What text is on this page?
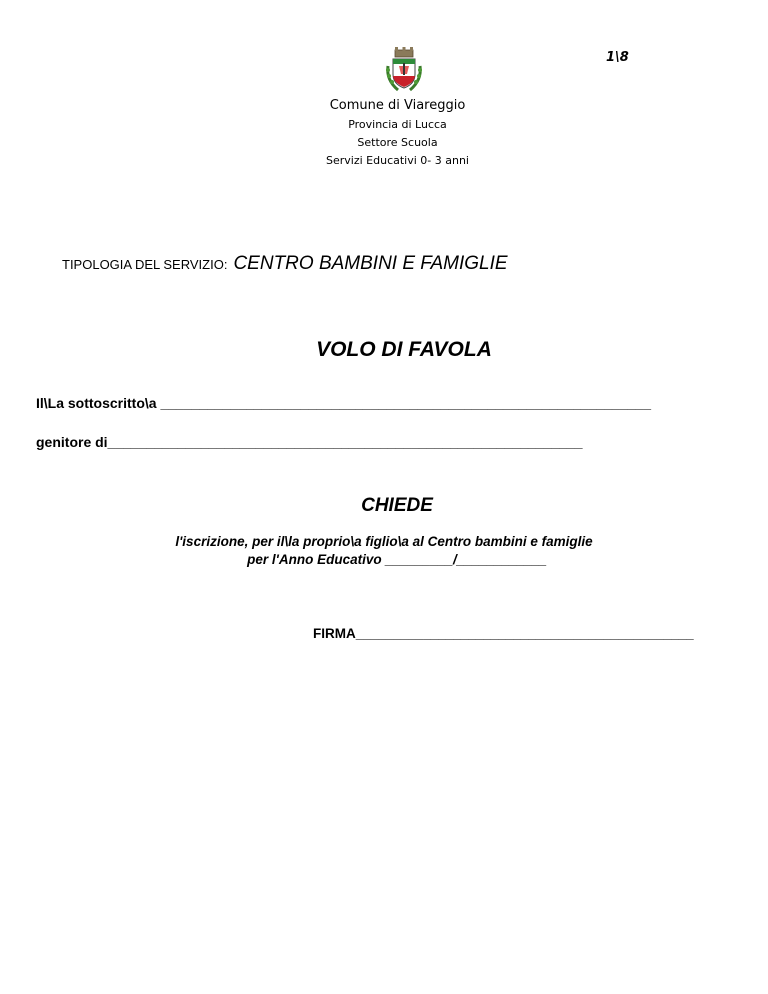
1\8
Comune di Viareggio
Provincia di Lucca
Settore Scuola
Servizi Educativi 0- 3 anni
TIPOLOGIA DEL SERVIZIO: CENTRO BAMBINI E FAMIGLIE
VOLO DI FAVOLA
Il\La sottoscritto\a _______________________________________________________________
genitore di_____________________________________________________________
CHIEDE
l'iscrizione, per il\la proprio\a figlio\a al Centro bambini e famiglie
per l'Anno Educativo _________/____________
FIRMA_____________________________________________
